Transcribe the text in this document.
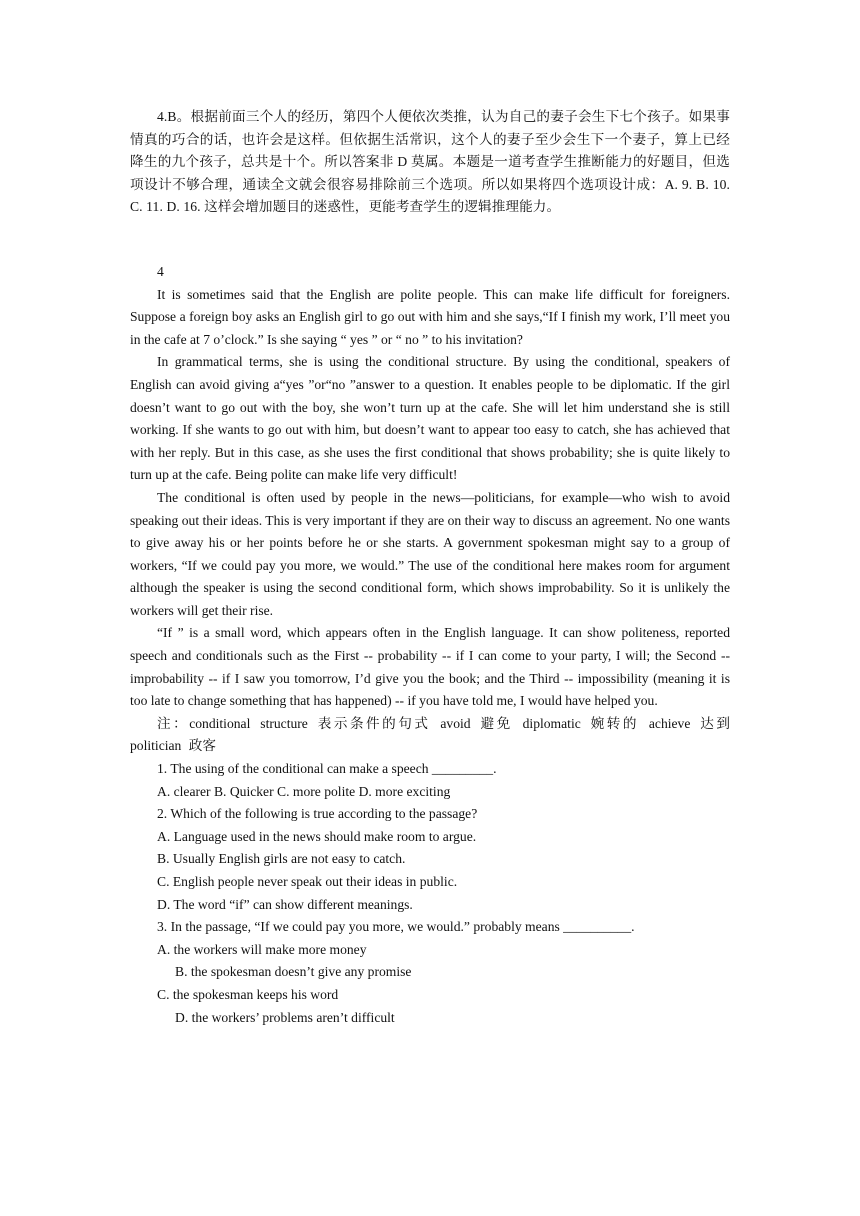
4.B。根据前面三个人的经历，第四个人便依次类推，认为自己的妻子会生下七个孩子。如果事情真的巧合的话，也许会是这样。但依据生活常识，这个人的妻子至少会生下一个妻子，算上已经降生的九个孩子，总共是十个。所以答案非 D 莫属。本题是一道考查学生推断能力的好题目，但选项设计不够合理，通读全文就会很容易排除前三个选项。所以如果将四个选项设计成：A. 9. B. 10. C. 11. D. 16. 这样会增加题目的迷惑性，更能考查学生的逻辑推理能力。

4

It is sometimes said that the English are polite people. This can make life difficult for foreigners. Suppose a foreign boy asks an English girl to go out with him and she says,“If I finish my work, I’ll meet you in the cafe at 7 o’clock.” Is she saying “ yes ” or “ no ” to his invitation?

In grammatical terms, she is using the conditional structure. By using the conditional, speakers of English can avoid giving a“yes ”or“no ”answer to a question. It enables people to be diplomatic. If the girl doesn’t want to go out with the boy, she won’t turn up at the cafe. She will let him understand she is still working. If she wants to go out with him, but doesn’t want to appear too easy to catch, she has achieved that with her reply. But in this case, as she uses the first conditional that shows probability; she is quite likely to turn up at the cafe. Being polite can make life very difficult!

The conditional is often used by people in the news—politicians, for example—who wish to avoid speaking out their ideas. This is very important if they are on their way to discuss an agreement. No one wants to give away his or her points before he or she starts. A government spokesman might say to a group of workers, “If we could pay you more, we would.” The use of the conditional here makes room for argument although the speaker is using the second conditional form, which shows improbability. So it is unlikely the workers will get their rise.

“If ” is a small word, which appears often in the English language. It can show politeness, reported speech and conditionals such as the First -- probability -- if I can come to your party, I will; the Second -- improbability -- if I saw you tomorrow, I’d give you the book; and the Third -- impossibility (meaning it is too late to change something that has happened) -- if you have told me, I would have helped you.

注：conditional structure 表示条件的句式 avoid 避免 diplomatic 婉转的 achieve 达到 politician 政客

1. The using of the conditional can make a speech _________.

A. clearer B. Quicker C. more polite D. more exciting

2. Which of the following is true according to the passage?

A. Language used in the news should make room to argue.

B. Usually English girls are not easy to catch.

C. English people never speak out their ideas in public.

D. The word “if” can show different meanings.

3. In the passage, “If we could pay you more, we would.” probably means __________.

A. the workers will make more money

B. the spokesman doesn’t give any promise

C. the spokesman keeps his word

D. the workers’ problems aren’t difficult
